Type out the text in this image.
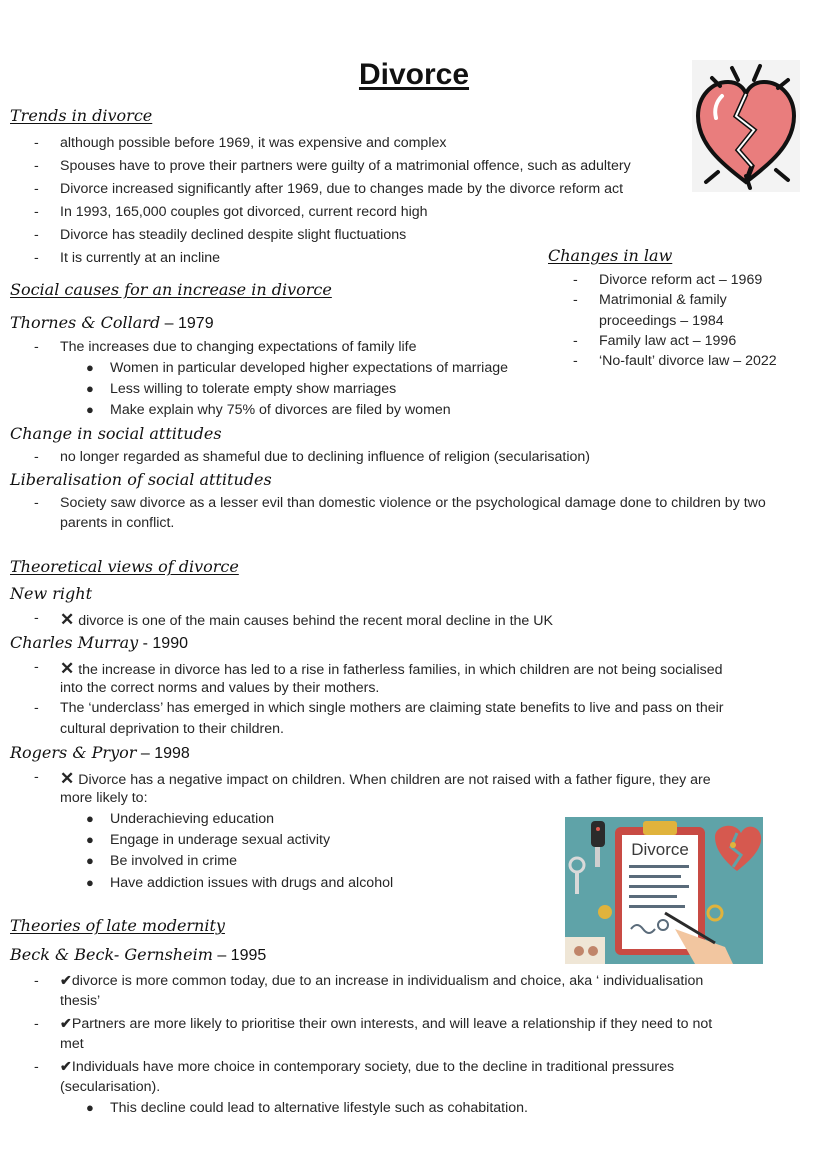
Divorce
Trends in divorce
- although possible before 1969, it was expensive and complex
- Spouses have to prove their partners were guilty of a matrimonial offence, such as adultery
- Divorce increased significantly after 1969, due to changes made by the divorce reform act
- In 1993, 165,000 couples got divorced, current record high
- Divorce has steadily declined despite slight fluctuations
- It is currently at an incline	Changes in law
- Divorce reform act – 1969
- Matrimonial & family
proceedings – 1984
- Family law act – 1996
- ‘No-fault’ divorce law – 2022
Social causes for an increase in divorce
Thornes & Collard – 1979
- The increases due to changing expectations of family life
● Women in particular developed higher expectations of marriage
● Less willing to tolerate empty show marriages
● Make explain why 75% of divorces are filed by women
Change in social attitudes
- no longer regarded as shameful due to declining influence of religion (secularisation)
Liberalisation of social attitudes
- Society saw divorce as a lesser evil than domestic violence or the psychological damage done to children by two
parents in conflict.
Theoretical views of divorce
New right
- ✕ divorce is one of the main causes behind the recent moral decline in the UK
Charles Murray - 1990
- ✕ the increase in divorce has led to a rise in fatherless families, in which children are not being socialised
into the correct norms and values by their mothers.
- The ‘underclass’ has emerged in which single mothers are claiming state benefits to live and pass on their
cultural deprivation to their children.
Rogers & Pryor – 1998
- ✕ Divorce has a negative impact on children. When children are not raised with a father figure, they are
more likely to:
● Underachieving education
● Engage in underage sexual activity
● Be involved in crime
● Have addiction issues with drugs and alcohol
Divorce
Theories of late modernity
Beck & Beck- Gernsheim – 1995
- ✔divorce is more common today, due to an increase in individualism and choice, aka ‘ individualisation
thesis’
- ✔Partners are more likely to prioritise their own interests, and will leave a relationship if they need to not
met
- ✔Individuals have more choice in contemporary society, due to the decline in traditional pressures
(secularisation).
● This decline could lead to alternative lifestyle such as cohabitation.
